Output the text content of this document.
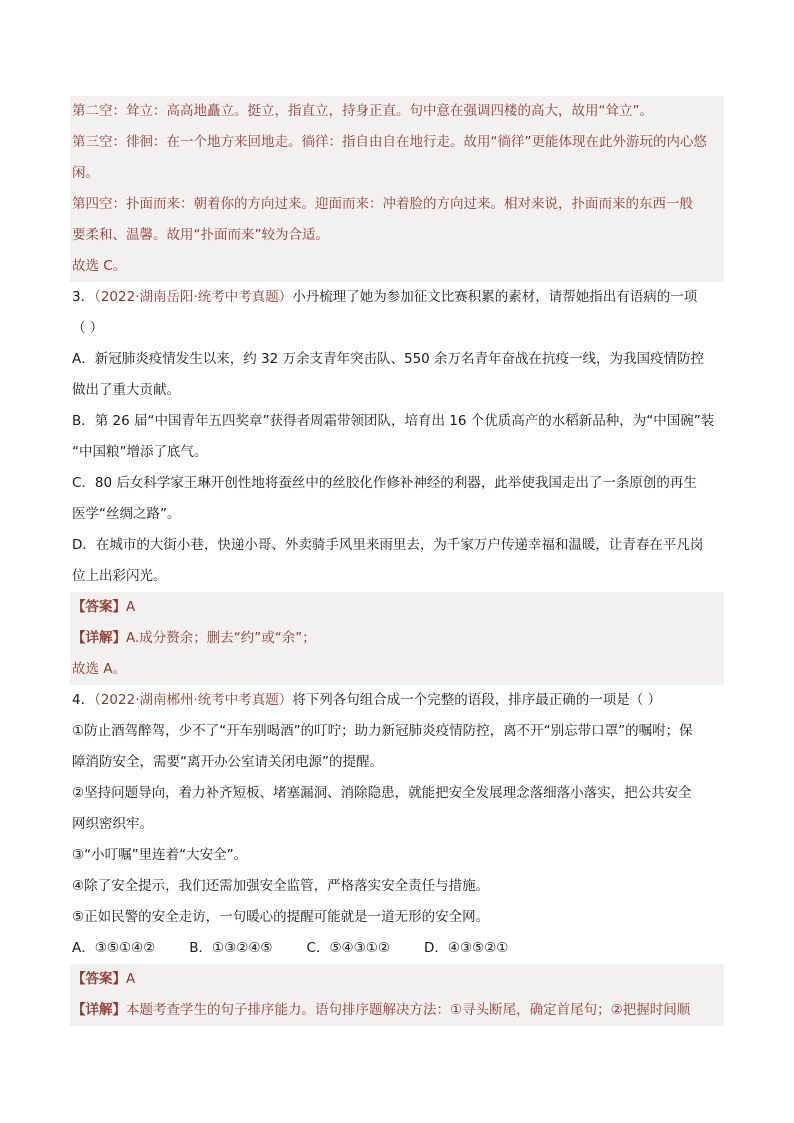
第二空：耸立：高高地矗立。挺立，指直立，持身正直。句中意在强调四楼的高大，故用“耸立”。
第三空：徘徊：在一个地方来回地走。徜徉：指自由自在地行走。故用“徜徉”更能体现在此外游玩的内心悠
闲。
第四空：扑面而来：朝着你的方向过来。迎面而来：冲着脸的方向过来。相对来说，扑面而来的东西一般
要柔和、温馨。故用“扑面而来”较为合适。
故选 C。
3．（2022·湖南岳阳·统考中考真题）小丹梳理了她为参加征文比赛积累的素材，请帮她指出有语病的一项
（ ）
A．新冠肺炎疫情发生以来，约 32 万余支青年突击队、550 余万名青年奋战在抗疫一线，为我国疫情防控
做出了重大贡献。
B．第 26 届“中国青年五四奖章”获得者周霜带领团队，培育出 16 个优质高产的水稻新品种，为“中国碗”装
“中国粮”增添了底气。
C．80 后女科学家王琳开创性地将蚕丝中的丝胶化作修补神经的利器，此举使我国走出了一条原创的再生
医学“丝绸之路”。
D．在城市的大街小巷，快递小哥、外卖骑手风里来雨里去，为千家万户传递幸福和温暖，让青春在平凡岗
位上出彩闪光。
【答案】A
【详解】A.成分赘余；删去“约”或“余”；
故选 A。
4．（2022·湖南郴州·统考中考真题）将下列各句组合成一个完整的语段，排序最正确的一项是（ ）
①防止酒驾醉驾，少不了“开车别喝酒”的叮咛；助力新冠肺炎疫情防控，离不开“别忘带口罩”的嘱咐；保
障消防安全，需要“离开办公室请关闭电源”的提醒。
②坚持问题导向，着力补齐短板、堵塞漏洞、消除隐患，就能把安全发展理念落细落小落实，把公共安全
网织密织牢。
③“小叮嘱”里连着“大安全”。
④除了安全提示，我们还需加强安全监管，严格落实安全责任与措施。
⑤正如民警的安全走访，一句暖心的提醒可能就是一道无形的安全网。
A．③⑤①④②	B．①③②④⑤	C．⑤④③①②	D．④③⑤②①
【答案】A
【详解】本题考查学生的句子排序能力。语句排序题解决方法：①寻头断尾，确定首尾句；②把握时间顺
